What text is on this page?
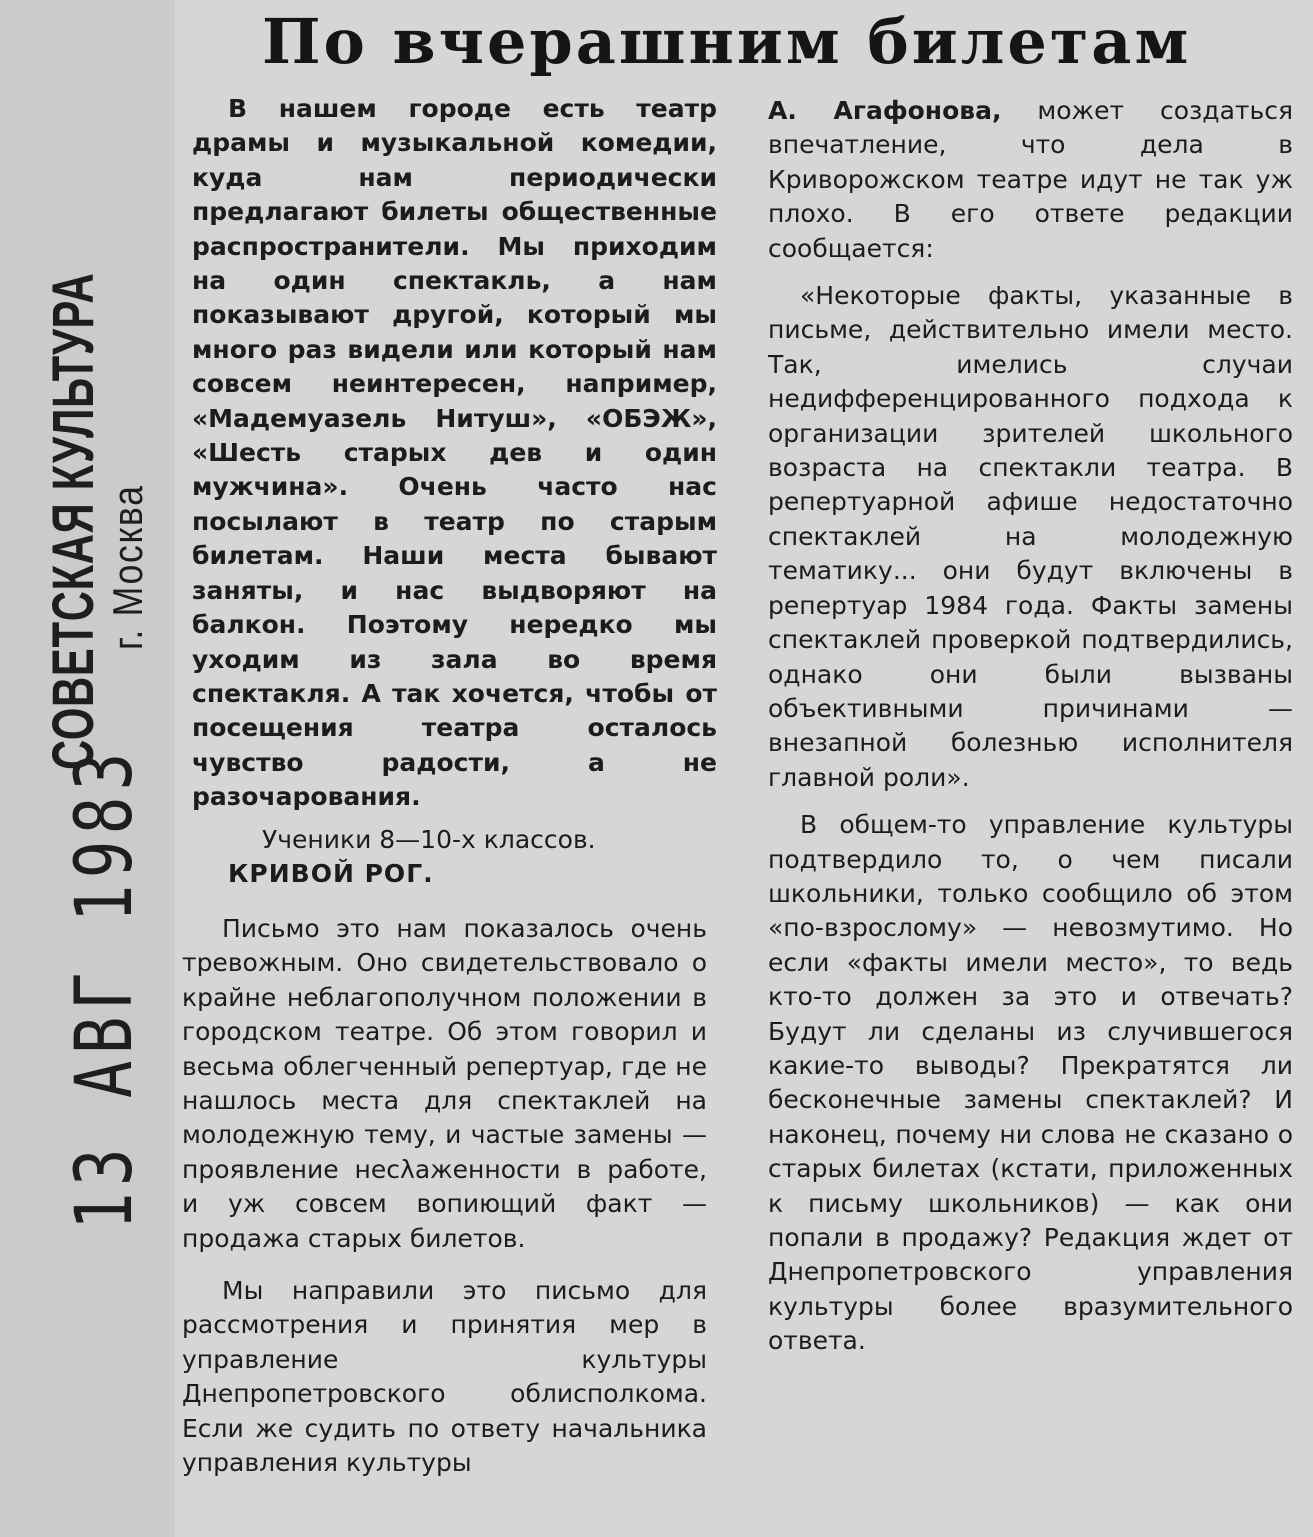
СОВЕТСКАЯ КУЛЬТУРА
г. Москва
13 АВГ 1983
По вчерашним билетам

В нашем городе есть театр драмы и музыкальной комедии, куда нам периодически предлагают билеты общественные распространители. Мы приходим на один спектакль, а нам показывают другой, который мы много раз видели или который нам совсем неинтересен, например, «Мадемуазель Нитуш», «ОБЭЖ», «Шесть старых дев и один мужчина». Очень часто нас посылают в театр по старым билетам. Наши места бывают заняты, и нас выдворяют на балкон. Поэтому нередко мы уходим из зала во время спектакля. А так хочется, чтобы от посещения театра осталось чувство радости, а не разочарования.

Ученики 8—10-х классов.
КРИВОЙ РОГ.

Письмо это нам показалось очень тревожным. Оно свидетельствовало о крайне неблагополучном положении в городском театре. Об этом говорил и весьма облегченный репертуар, где не нашлось места для спектаклей на молодежную тему, и частые замены — проявление несλаженности в работе, и уж совсем вопиющий факт — продажа старых билетов.

Мы направили это письмо для рассмотрения и принятия мер в управление культуры Днепропетровского облисполкома. Если же судить по ответу начальника управления культуры

А. Агафонова, может создаться впечатление, что дела в Криворожском театре идут не так уж плохо. В его ответе редакции сообщается:

«Некоторые факты, указанные в письме, действительно имели место. Так, имелись случаи недифференцированного подхода к организации зрителей школьного возраста на спектакли театра. В репертуарной афише недостаточно спектаклей на молодежную тематику... они будут включены в репертуар 1984 года. Факты замены спектаклей проверкой подтвердились, однако они были вызваны объективными причинами — внезапной болезнью исполнителя главной роли».

В общем-то управление культуры подтвердило то, о чем писали школьники, только сообщило об этом «по-взрослому» — невозмутимо. Но если «факты имели место», то ведь кто-то должен за это и отвечать? Будут ли сделаны из случившегося какие-то выводы? Прекратятся ли бесконечные замены спектаклей? И наконец, почему ни слова не сказано о старых билетах (кстати, приложенных к письму школьников) — как они попали в продажу? Редакция ждет от Днепропетровского управления культуры более вразумительного ответа.
